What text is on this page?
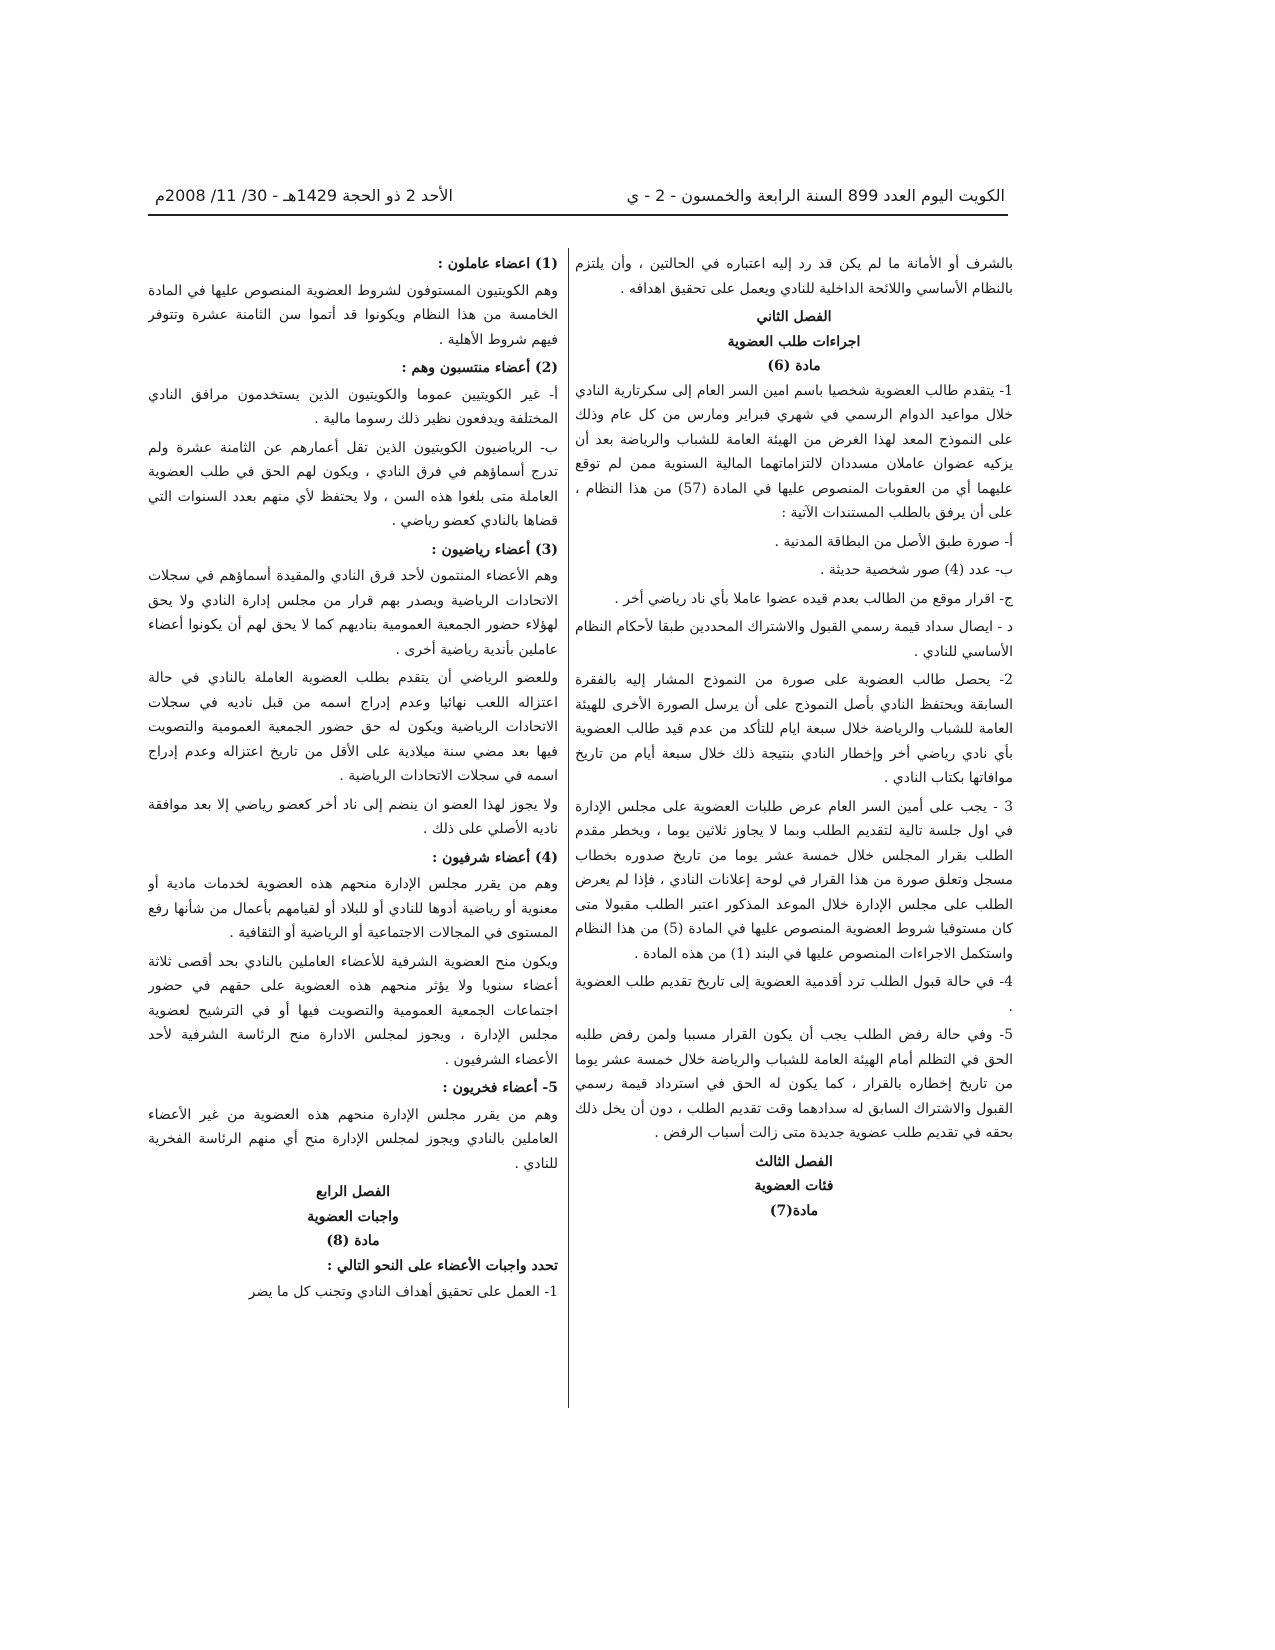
الكويت اليوم العدد 899 السنة الرابعة والخمسون - 2 - ي
الأحد 2 ذو الحجة 1429هـ - 30/ 11/ 2008م

بالشرف أو الأمانة ما لم يكن قد رد إليه اعتباره في الحالتين ، وأن يلتزم بالنظام الأساسي واللائحة الداخلية للنادي ويعمل على تحقيق اهدافه .

الفصل الثاني

اجراءات طلب العضوية

مادة (6)

1- يتقدم طالب العضوية شخصيا باسم امين السر العام إلى سكرتارية النادي خلال مواعيد الدوام الرسمي في شهري فبراير ومارس من كل عام وذلك على النموذج المعد لهذا الغرض من الهيئة العامة للشباب والرياضة بعد أن يزكيه عضوان عاملان مسددان لالتزاماتهما المالية السنوية ممن لم توقع عليهما أي من العقوبات المنصوص عليها في المادة (57) من هذا النظام ، على أن يرفق بالطلب المستندات الآتية :

أ- صورة طبق الأصل من البطاقة المدنية .

ب- عدد (4) صور شخصية حديثة .

ج- اقرار موقع من الطالب بعدم قيده عضوا عاملا بأي ناد رياضي أخر .

د - ايصال سداد قيمة رسمي القبول والاشتراك المحددين طبقا لأحكام النظام الأساسي للنادي .

2- يحصل طالب العضوية على صورة من النموذج المشار إليه بالفقرة السابقة ويحتفظ النادي بأصل النموذج على أن يرسل الصورة الأخرى للهيئة العامة للشباب والرياضة خلال سبعة ايام للتأكد من عدم قيد طالب العضوية بأي نادي رياضي أخر وإخطار النادي بنتيجة ذلك خلال سبعة أيام من تاريخ موافاتها بكتاب النادي .

3 - يجب على أمين السر العام عرض طلبات العضوية على مجلس الإدارة في اول جلسة تالية لتقديم الطلب وبما لا يجاوز ثلاثين يوما ، ويخطر مقدم الطلب بقرار المجلس خلال خمسة عشر يوما من تاريخ صدوره بخطاب مسجل وتعلق صورة من هذا القرار في لوحة إعلانات النادي ، فإذا لم يعرض الطلب على مجلس الإدارة خلال الموعد المذكور اعتبر الطلب مقبولا متى كان مستوفيا شروط العضوية المنصوص عليها في المادة (5) من هذا النظام واستكمل الاجراءات المنصوص عليها في البند (1) من هذه المادة .

4- في حالة قبول الطلب ترد أقدمية العضوية إلى تاريخ تقديم طلب العضوية .

5- وفي حالة رفض الطلب يجب أن يكون القرار مسببا ولمن رفض طلبه الحق في التظلم أمام الهيئة العامة للشباب والرياضة خلال خمسة عشر يوما من تاريخ إخطاره بالقرار ، كما يكون له الحق في استرداد قيمة رسمي القبول والاشتراك السابق له سدادهما وقت تقديم الطلب ، دون أن يخل ذلك بحقه في تقديم طلب عضوية جديدة متى زالت أسباب الرفض .

الفصل الثالث

فئات العضوية

مادة(7)

(1) اعضاء عاملون :

وهم الكويتيون المستوفون لشروط العضوية المنصوص عليها في المادة الخامسة من هذا النظام ويكونوا قد أتموا سن الثامنة عشرة وتتوفر فيهم شروط الأهلية .

(2) أعضاء منتسبون وهم :

أ- غير الكويتيين عموما والكويتيون الذين يستخدمون مرافق النادي المختلفة ويدفعون نظير ذلك رسوما مالية .

ب- الرياضيون الكويتيون الذين تقل أعمارهم عن الثامنة عشرة ولم تدرج أسماؤهم في فرق النادي ، ويكون لهم الحق في طلب العضوية العاملة متى بلغوا هذه السن ، ولا يحتفظ لأي منهم بعدد السنوات التي قضاها بالنادي كعضو رياضي .

(3) أعضاء رياضيون :

وهم الأعضاء المنتمون لأحد فرق النادي والمقيدة أسماؤهم في سجلات الاتحادات الرياضية ويصدر بهم قرار من مجلس إدارة النادي ولا يحق لهؤلاء حضور الجمعية العمومية بناديهم كما لا يحق لهم أن يكونوا أعضاء عاملين بأندية رياضية أخرى .

وللعضو الرياضي أن يتقدم بطلب العضوية العاملة بالنادي في حالة اعتزاله اللعب نهائيا وعدم إدراج اسمه من قبل ناديه في سجلات الاتحادات الرياضية ويكون له حق حضور الجمعية العمومية والتصويت فيها بعد مضي سنة ميلادية على الأقل من تاريخ اعتزاله وعدم إدراج اسمه في سجلات الاتحادات الرياضية .

ولا يجوز لهذا العضو ان ينضم إلى ناد أخر كعضو رياضي إلا بعد موافقة ناديه الأصلي على ذلك .

(4) أعضاء شرفيون :

وهم من يقرر مجلس الإدارة منحهم هذه العضوية لخدمات مادية أو معنوية أو رياضية أدوها للنادي أو للبلاد أو لقيامهم بأعمال من شأنها رفع المستوى في المجالات الاجتماعية أو الرياضية أو الثقافية .

ويكون منح العضوية الشرفية للأعضاء العاملين بالنادي بحد أقصى ثلاثة أعضاء سنويا ولا يؤثر منحهم هذه العضوية على حقهم في حضور اجتماعات الجمعية العمومية والتصويت فيها أو في الترشيح لعضوية مجلس الإدارة ، ويجوز لمجلس الادارة منح الرئاسة الشرفية لأحد الأعضاء الشرفيون .

5- أعضاء فخريون :

وهم من يقرر مجلس الإدارة منحهم هذه العضوية من غير الأعضاء العاملين بالنادي ويجوز لمجلس الإدارة منح أي منهم الرئاسة الفخرية للنادي .

الفصل الرابع

واجبات العضوية

مادة (8)

تحدد واجبات الأعضاء على النحو التالي :

1- العمل على تحقيق أهداف النادي وتجنب كل ما يضر
